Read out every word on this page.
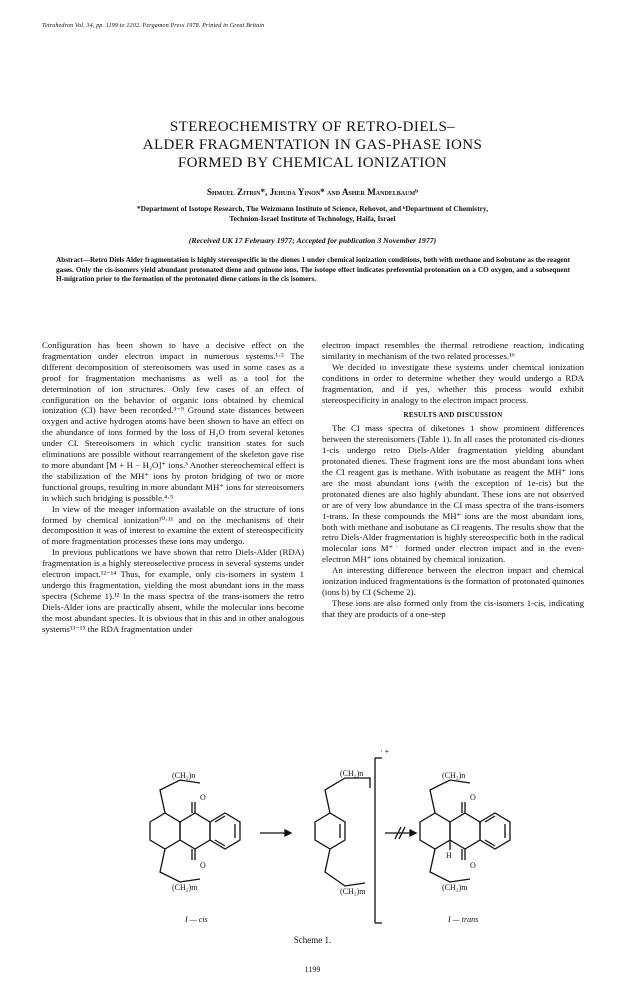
Tetrahedron Vol. 34, pp. 1199 to 1202. Pergamon Press 1978. Printed in Great Britain
STEREOCHEMISTRY OF RETRO-DIELS–
ALDER FRAGMENTATION IN GAS-PHASE IONS
FORMED BY CHEMICAL IONIZATION
Shmuel Zitrin*, Jehuda Yinon* and Asher Mandelbaumᵇ
*Department of Isotope Research, The Weizmann Institute of Science, Rehovot, and ᵇDepartment of Chemistry,
Technion-Israel Institute of Technology, Haifa, Israel
(Received UK 17 February 1977; Accepted for publication 3 November 1977)
Abstract—Retro Diels Alder fragmentation is highly stereospecific in the diones 1 under chemical ionization conditions, both with methane and isobutane as the reagent gases. Only the cis-isomers yield abundant protonated diene and quinone ions. The isotope effect indicates preferential protonation on a CO oxygen, and a subsequent H-migration prior to the formation of the protonated diene cations in the cis isomers.

Configuration has been shown to have a decisive effect on the fragmentation under electron impact in numerous systems.¹·² The different decomposition of stereoisomers was used in some cases as a proof for fragmentation mechanisms as well as a tool for the determination of ion structures. Only few cases of an effect of configuration on the behavior of organic ions obtained by chemical ionization (CI) have been recorded.³⁻⁹ Ground state distances between oxygen and active hydrogen atoms have been shown to have an effect on the abundance of ions formed by the loss of H₂O from several ketones under CI. Stereoisomers in which cyclic transition states for such eliminations are possible without rearrangement of the skeleton gave rise to more abundant [M + H − H₂O]⁺ ions.³ Another stereochemical effect is the stabilization of the MH⁺ ions by proton bridging of two or more functional groups, resulting in more abundant MH⁺ ions for stereoisomers in which such bridging is possible.⁴·⁵

In view of the meager information available on the structure of ions formed by chemical ionization¹⁰·¹¹ and on the mechanisms of their decomposition it was of interest to examine the extent of stereospecificity of more fragmentation processes these ions may undergo.

In previous publications we have shown that retro Diels-Alder (RDA) fragmentation is a highly stereoselective process in several systems under electron impact.¹²⁻¹⁴ Thus, for example, only cis-isomers in system 1 undergo this fragmentation, yielding the most abundant ions in the mass spectra (Scheme 1).¹² In the mass spectra of the trans-isomers the retro Diels-Alder ions are practically absent, while the molecular ions become the most abundant species. It is obvious that in this and in other analogous systems¹³⁻¹⁵ the RDA fragmentation under

electron impact resembles the thermal retrodiene reaction, indicating similarity in mechanism of the two related processes.¹⁶

We decided to investigate these systems under chemical ionization conditions in order to determine whether they would undergo a RDA fragmentation, and if yes, whether this process would exhibit stereospecificity in analogy to the electron impact process.

RESULTS AND DISCUSSION

The CI mass spectra of diketones 1 show prominent differences between the stereoisomers (Table 1). In all cases the protonated cis-diones 1-cis undergo retro Diels-Alder fragmentation yielding abundant protonated dienes. These fragment ions are the most abundant ions when the CI reagent gas is methane. With isobutane as reagent the MH⁺ ions are the most abundant ions (with the exception of 1e-cis) but the protonated dienes are also highly abundant. These ions are not observed or are of very low abundance in the CI mass spectra of the trans-isomers 1-trans. In these compounds the MH⁺ ions are the most abundant ions, both with methane and isobutane as CI reagents. The results show that the retro Diels-Alder fragmentation is highly stereospecific both in the radical molecular ions M⁺˙ formed under electron impact and in the even-electron MH⁺ ions obtained by chemical ionization.

An interesting difference between the electron impact and chemical ionization induced fragmentations is the formation of protonated quinones (ions b) by CI (Scheme 2).

These ions are also formed only from the cis-isomers 1-cis, indicating that they are products of a one-step

(CH₂)n
(CH₂)m
O
O
(CH₂)n
(CH₂)m
· +
(CH₂)n
(CH₂)m
O
O
H
I — cis	I — trans
Scheme 1.
1199
